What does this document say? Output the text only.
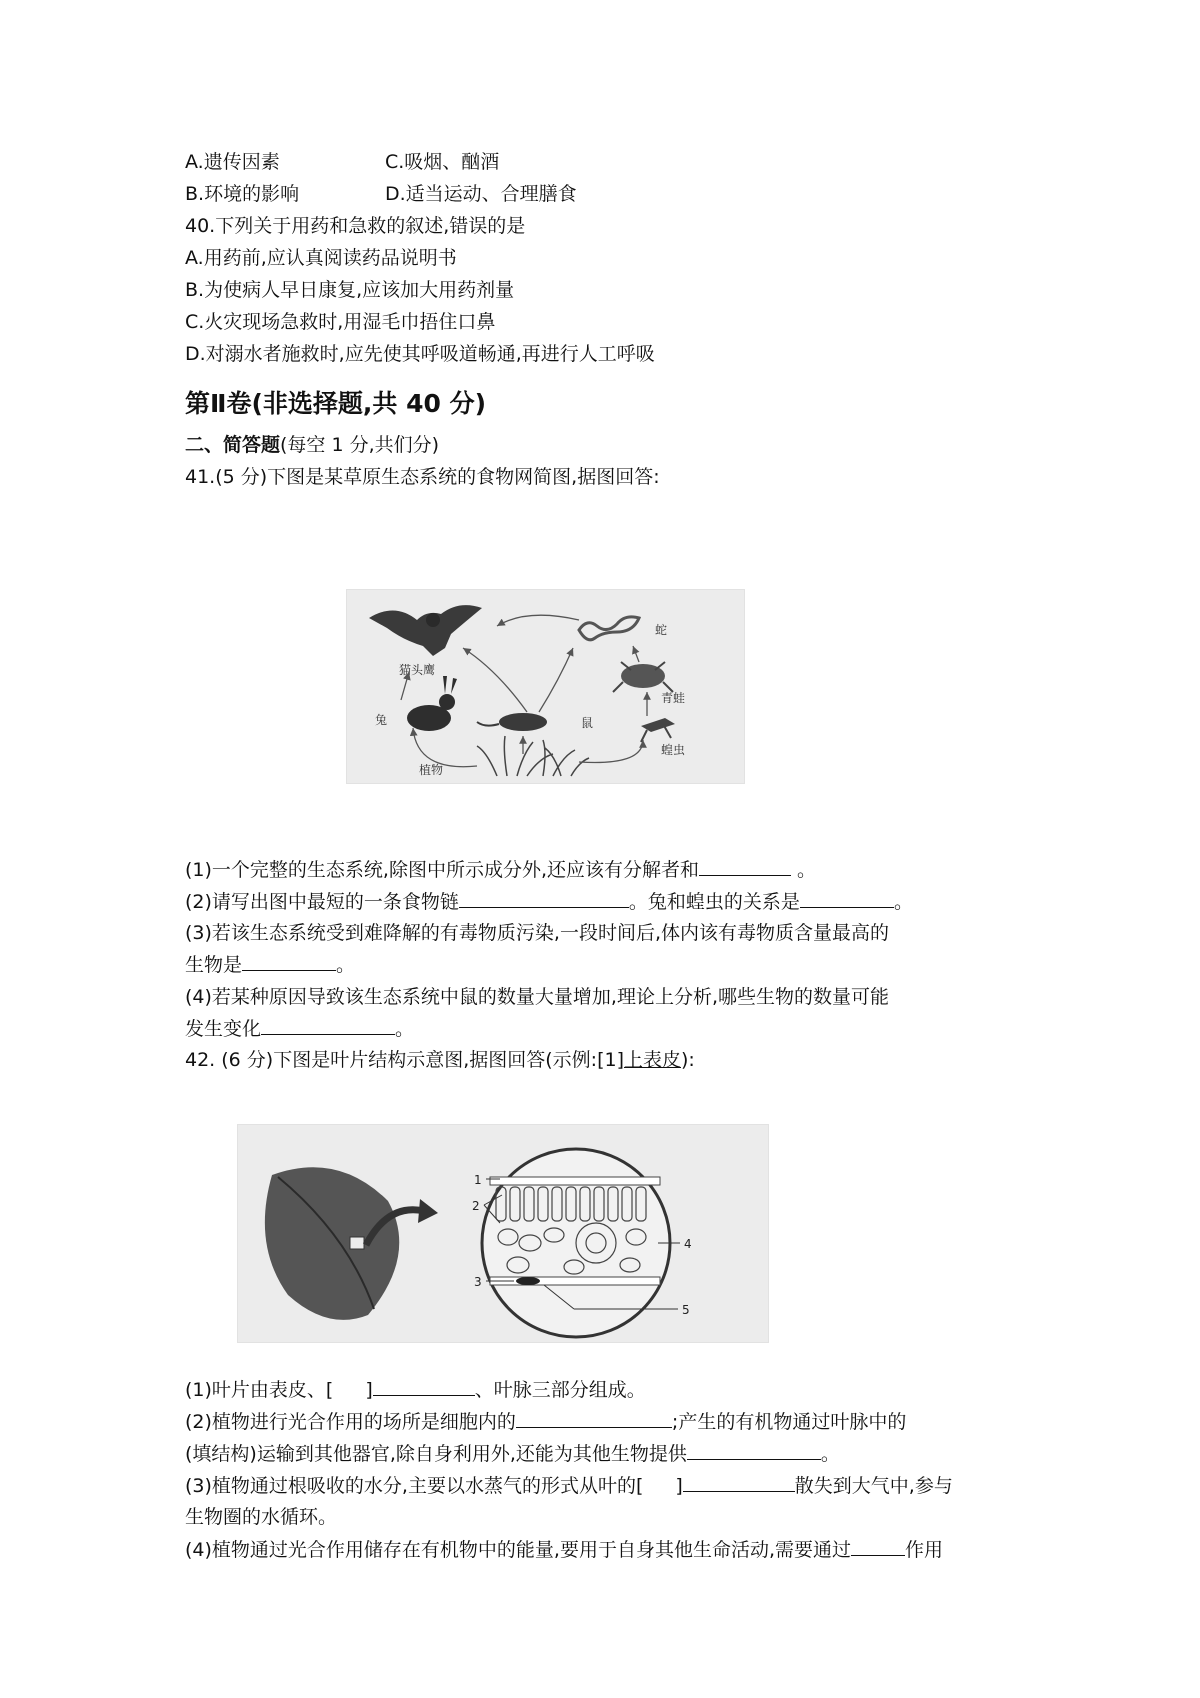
A.遗传因素	C.吸烟、酗酒
B.环境的影响	D.适当运动、合理膳食
40.下列关于用药和急救的叙述,错误的是
A.用药前,应认真阅读药品说明书
B.为使病人早日康复,应该加大用药剂量
C.火灾现场急救时,用湿毛巾捂住口鼻
D.对溺水者施救时,应先使其呼吸道畅通,再进行人工呼吸
第Ⅱ卷(非选择题,共 40 分)
二、简答题(每空 1 分,共们分)
41.(5 分)下图是某草原生态系统的食物网简图,据图回答:
猫头鹰
蛇
青蛙
兔	鼠
蝗虫
植物
(1)一个完整的生态系统,除图中所示成分外,还应该有分解者和	。
(2)请写出图中最短的一条食物链	。兔和蝗虫的关系是	。
(3)若该生态系统受到难降解的有毒物质污染,一段时间后,体内该有毒物质含量最高的
生物是	。
(4)若某种原因导致该生态系统中鼠的数量大量增加,理论上分析,哪些生物的数量可能
发生变化	。
42. (6 分)下图是叶片结构示意图,据图回答(示例:[1]上表皮):
1
2
3
4
5
(1)叶片由表皮、[ ]	、叶脉三部分组成。
(2)植物进行光合作用的场所是细胞内的	;产生的有机物通过叶脉中的
(填结构)运输到其他器官,除自身利用外,还能为其他生物提供	。
(3)植物通过根吸收的水分,主要以水蒸气的形式从叶的[ ]	散失到大气中,参与
生物圈的水循环。
(4)植物通过光合作用储存在有机物中的能量,要用于自身其他生命活动,需要通过	作用
